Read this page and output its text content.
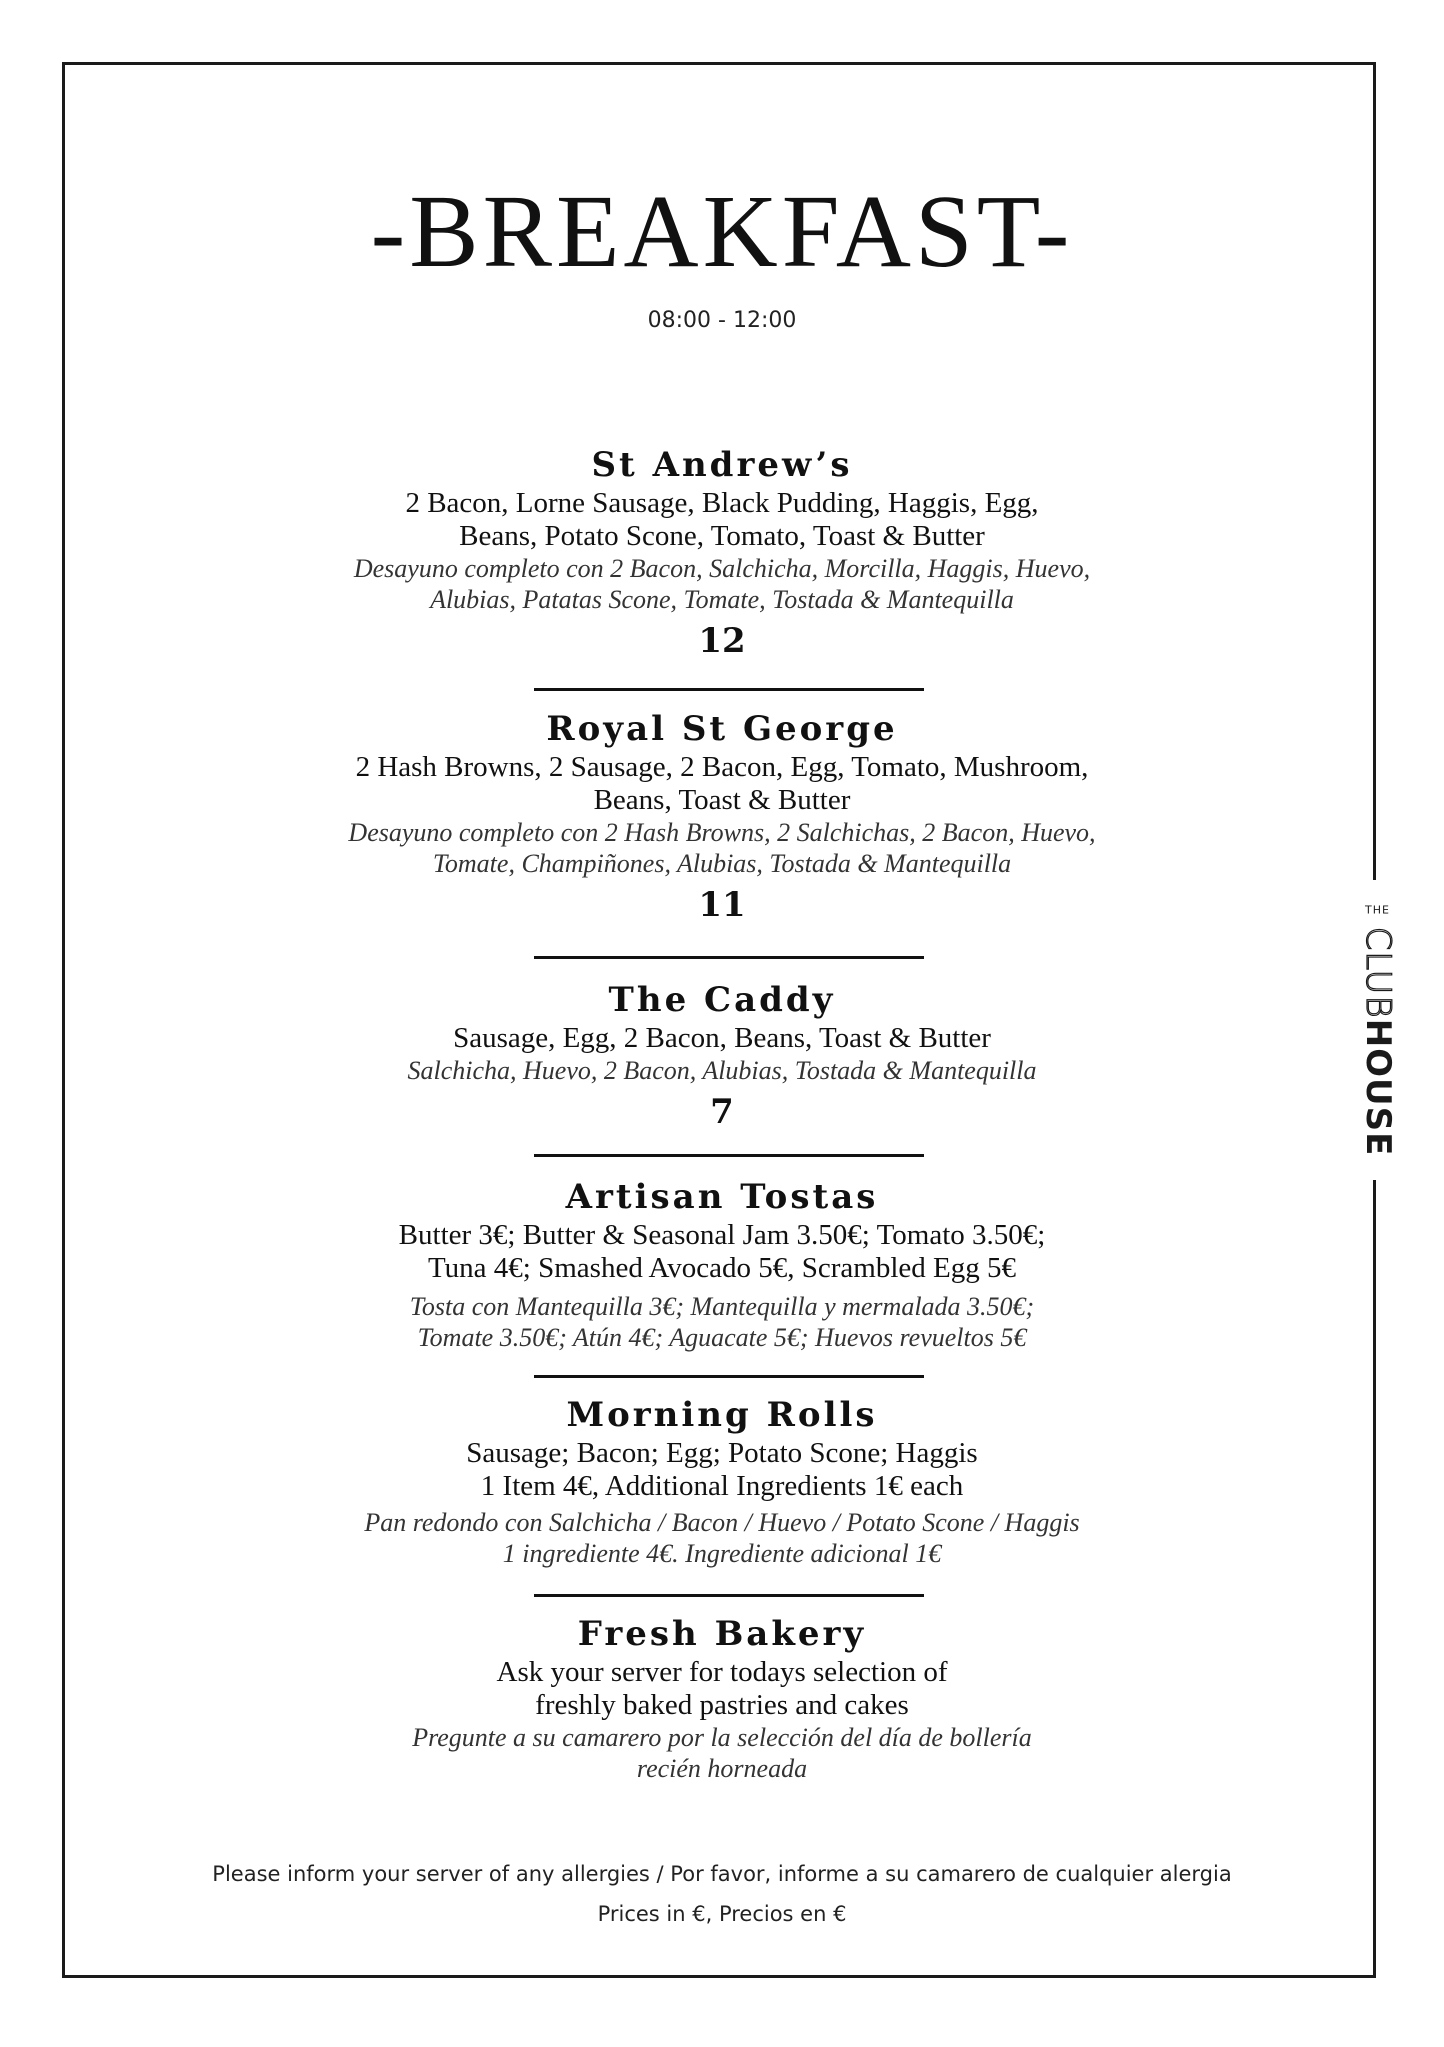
THE
CLUB
HOUSE
-BREAKFAST-
08:00 - 12:00
St Andrew’s
2 Bacon, Lorne Sausage, Black Pudding, Haggis, Egg,
Beans, Potato Scone, Tomato, Toast & Butter
Desayuno completo con 2 Bacon, Salchicha, Morcilla, Haggis, Huevo,
Alubias, Patatas Scone, Tomate, Tostada & Mantequilla
12
Royal St George
2 Hash Browns, 2 Sausage, 2 Bacon, Egg, Tomato, Mushroom,
Beans, Toast & Butter
Desayuno completo con 2 Hash Browns, 2 Salchichas, 2 Bacon, Huevo,
Tomate, Champiñones, Alubias, Tostada & Mantequilla
11
The Caddy
Sausage, Egg, 2 Bacon, Beans, Toast & Butter
Salchicha, Huevo, 2 Bacon, Alubias, Tostada & Mantequilla
7
Artisan Tostas
Butter 3€; Butter & Seasonal Jam 3.50€; Tomato 3.50€;
Tuna 4€; Smashed Avocado 5€, Scrambled Egg 5€
Tosta con Mantequilla 3€; Mantequilla y mermalada 3.50€;
Tomate 3.50€; Atún 4€; Aguacate 5€; Huevos revueltos 5€
Morning Rolls
Sausage; Bacon; Egg; Potato Scone; Haggis
1 Item 4€, Additional Ingredients 1€ each
Pan redondo con Salchicha / Bacon / Huevo / Potato Scone / Haggis
1 ingrediente 4€. Ingrediente adicional 1€
Fresh Bakery
Ask your server for todays selection of
freshly baked pastries and cakes
Pregunte a su camarero por la selección del día de bollería
recién horneada
Please inform your server of any allergies / Por favor, informe a su camarero de cualquier alergia
Prices in €, Precios en €
